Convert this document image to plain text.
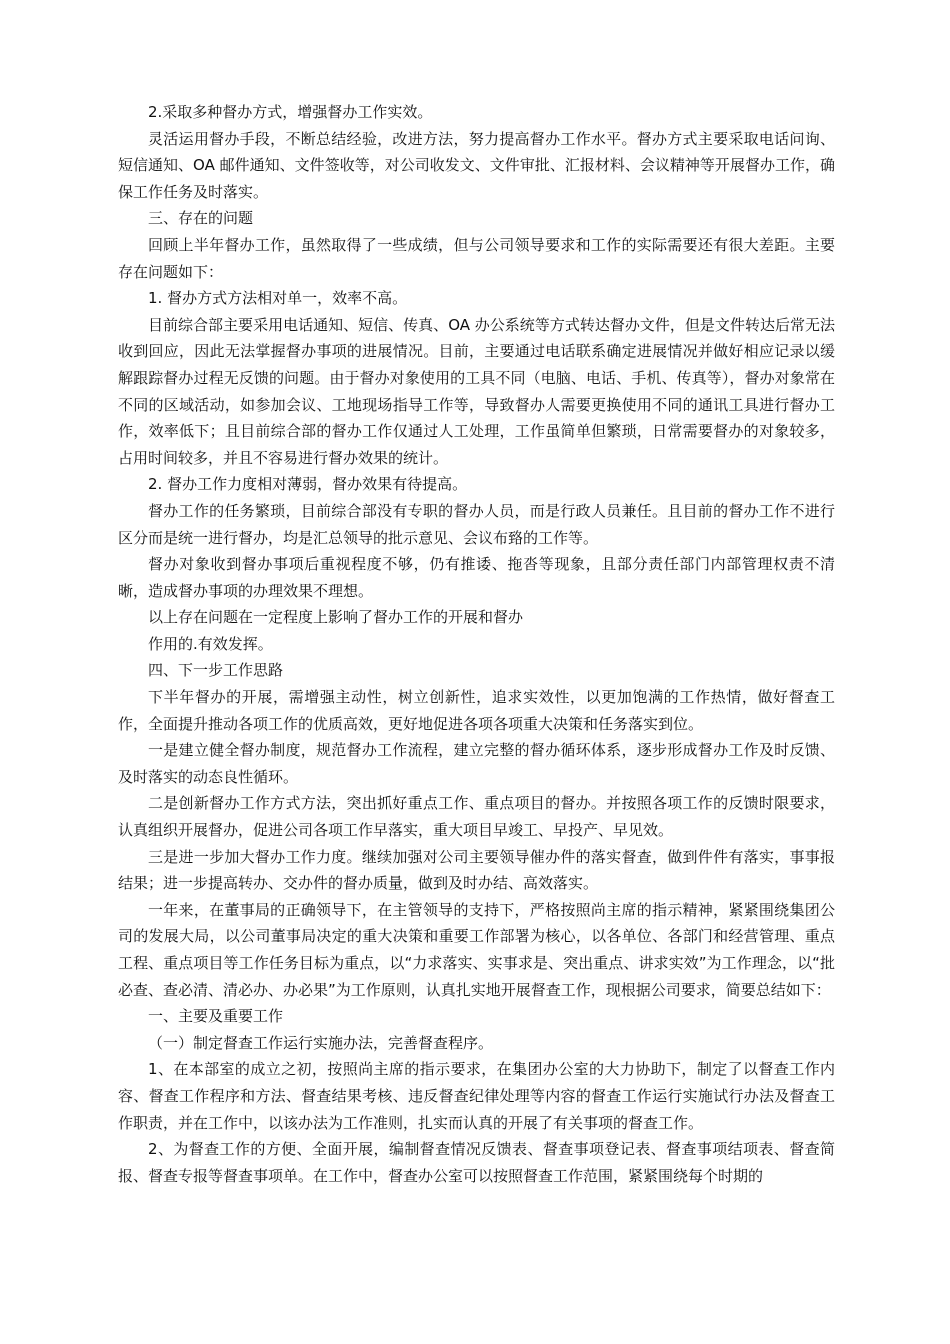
2.采取多种督办方式，增强督办工作实效。

灵活运用督办手段，不断总结经验，改进方法，努力提高督办工作水平。督办方式主要采取电话问询、短信通知、OA 邮件通知、文件签收等，对公司收发文、文件审批、汇报材料、会议精神等开展督办工作，确保工作任务及时落实。

三、存在的问题

回顾上半年督办工作，虽然取得了一些成绩，但与公司领导要求和工作的实际需要还有很大差距。主要存在问题如下：

1. 督办方式方法相对单一，效率不高。

目前综合部主要采用电话通知、短信、传真、OA 办公系统等方式转达督办文件，但是文件转达后常无法收到回应，因此无法掌握督办事项的进展情况。目前，主要通过电话联系确定进展情况并做好相应记录以缓解跟踪督办过程无反馈的问题。由于督办对象使用的工具不同（电脑、电话、手机、传真等），督办对象常在不同的区域活动，如参加会议、工地现场指导工作等，导致督办人需要更换使用不同的通讯工具进行督办工作，效率低下；且目前综合部的督办工作仅通过人工处理，工作虽简单但繁琐，日常需要督办的对象较多，占用时间较多，并且不容易进行督办效果的统计。

2. 督办工作力度相对薄弱，督办效果有待提高。

督办工作的任务繁琐，目前综合部没有专职的督办人员，而是行政人员兼任。且目前的督办工作不进行区分而是统一进行督办，均是汇总领导的批示意见、会议布臵的工作等。

督办对象收到督办事项后重视程度不够，仍有推诿、拖沓等现象，且部分责任部门内部管理权责不清晰，造成督办事项的办理效果不理想。

以上存在问题在一定程度上影响了督办工作的开展和督办

作用的.有效发挥。

四、下一步工作思路

下半年督办的开展，需增强主动性，树立创新性，追求实效性，以更加饱满的工作热情，做好督查工作，全面提升推动各项工作的优质高效，更好地促进各项各项重大决策和任务落实到位。

一是建立健全督办制度，规范督办工作流程，建立完整的督办循环体系，逐步形成督办工作及时反馈、及时落实的动态良性循环。

二是创新督办工作方式方法，突出抓好重点工作、重点项目的督办。并按照各项工作的反馈时限要求，认真组织开展督办，促进公司各项工作早落实，重大项目早竣工、早投产、早见效。

三是进一步加大督办工作力度。继续加强对公司主要领导催办件的落实督查，做到件件有落实，事事报结果；进一步提高转办、交办件的督办质量，做到及时办结、高效落实。

一年来，在董事局的正确领导下，在主管领导的支持下，严格按照尚主席的指示精神，紧紧围绕集团公司的发展大局，以公司董事局决定的重大决策和重要工作部署为核心，以各单位、各部门和经营管理、重点工程、重点项目等工作任务目标为重点，以“力求落实、实事求是、突出重点、讲求实效”为工作理念，以“批必查、查必清、清必办、办必果”为工作原则，认真扎实地开展督查工作，现根据公司要求，简要总结如下：

一、主要及重要工作

（一）制定督查工作运行实施办法，完善督查程序。

1、在本部室的成立之初，按照尚主席的指示要求，在集团办公室的大力协助下，制定了以督查工作内容、督查工作程序和方法、督查结果考核、违反督查纪律处理等内容的督查工作运行实施试行办法及督查工作职责，并在工作中，以该办法为工作准则，扎实而认真的开展了有关事项的督查工作。

2、为督查工作的方便、全面开展，编制督查情况反馈表、督查事项登记表、督查事项结项表、督查简报、督查专报等督查事项单。在工作中，督查办公室可以按照督查工作范围，紧紧围绕每个时期的
